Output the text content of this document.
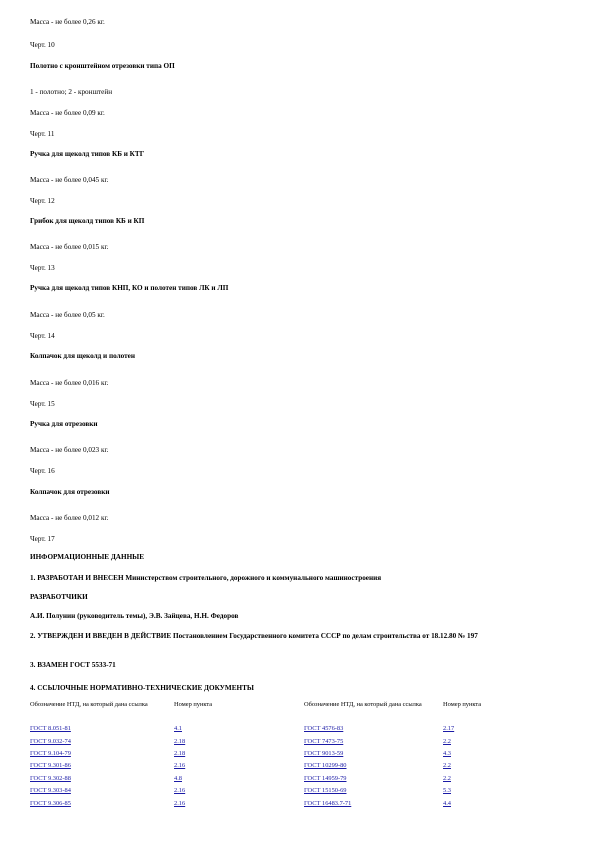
Масса - не более 0,26 кг.

Черт. 10

Полотно с кронштейном отрезовки типа ОП

1 - полотно; 2 - кронштейн

Масса - не более 0,09 кг.

Черт. 11

Ручка для щеколд типов КБ и КТГ

Масса - не более 0,045 кг.

Черт. 12

Грибок для щеколд типов КБ и КП

Масса - не более 0,015 кг.

Черт. 13

Ручка для щеколд типов КНП, КО и полотен типов ЛК и ЛП

Масса - не более 0,05 кг.

Черт. 14

Колпачок для щеколд и полотен

Масса - не более 0,016 кг.

Черт. 15

Ручка для отрезовки

Масса - не более 0,023 кг.

Черт. 16

Колпачок для отрезовки

Масса - не более 0,012 кг.

Черт. 17

ИНФОРМАЦИОННЫЕ ДАННЫЕ

1. РАЗРАБОТАН И ВНЕСЕН Министерством строительного, дорожного и коммунального машиностроения

РАЗРАБОТЧИКИ

А.И. Полунин (руководитель темы), Э.В. Зайцева, Н.Н. Федоров

2. УТВЕРЖДЕН И ВВЕДЕН В ДЕЙСТВИЕ Постановлением Государственного комитета СССР по делам строительства от 18.12.80 № 197

3. ВЗАМЕН ГОСТ 5533-71

4. ССЫЛОЧНЫЕ НОРМАТИВНО-ТЕХНИЧЕСКИЕ ДОКУМЕНТЫ

Обозначение НТД, на который дана ссылка	Номер пункта	Обозначение НТД, на который дана ссылка	Номер пункта
ГОСТ 8.051-81	4.1	ГОСТ 4576-83	2.17
ГОСТ 9.032-74	2.18	ГОСТ 7473-75	2.2
ГОСТ 9.104-79	2.18	ГОСТ 9013-59	4.3
ГОСТ 9.301-86	2.16	ГОСТ 10299-80	2.2
ГОСТ 9.302-88	4.8	ГОСТ 14959-79	2.2
ГОСТ 9.303-84	2.16	ГОСТ 15150-69	5.3
ГОСТ 9.306-85	2.16	ГОСТ 16483.7-71	4.4
